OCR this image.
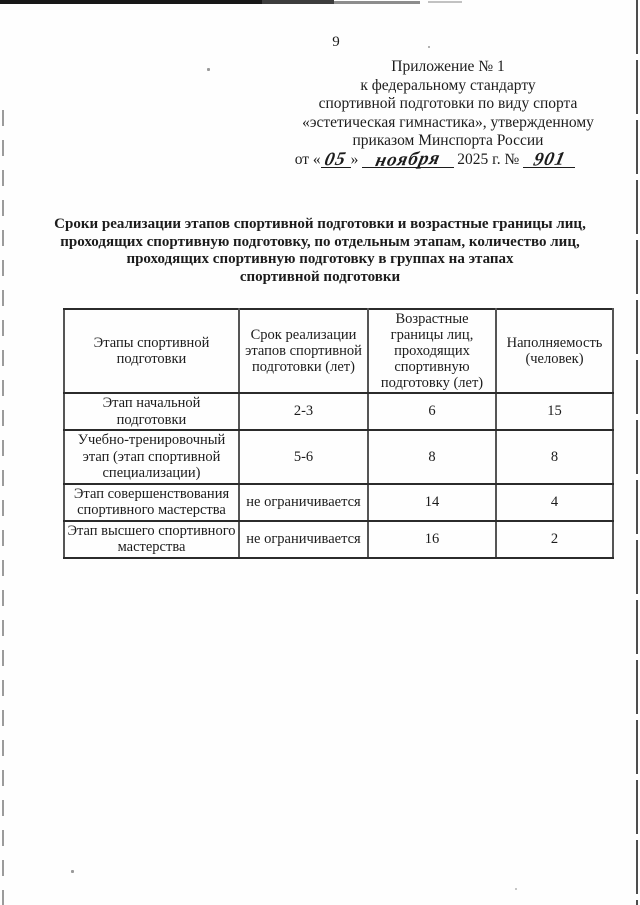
9
Приложение № 1
к федеральному стандарту
спортивной подготовки по виду спорта
«эстетическая гимнастика», утвержденному
приказом Минспорта России
от « 05 » ноября 2025 г. № 901
Сроки реализации этапов спортивной подготовки и возрастные границы лиц,
проходящих спортивную подготовку, по отдельным этапам, количество лиц,
проходящих спортивную подготовку в группах на этапах
спортивной подготовки
Этапы спортивной подготовки	Срок реализации этапов спортивной подготовки (лет)	Возрастные границы лиц, проходящих спортивную подготовку (лет)	Наполняемость (человек)
Этап начальной подготовки	2-3	6	15
Учебно-тренировочный этап (этап спортивной специализации)	5-6	8	8
Этап совершенствования спортивного мастерства	не ограничивается	14	4
Этап высшего спортивного мастерства	не ограничивается	16	2
